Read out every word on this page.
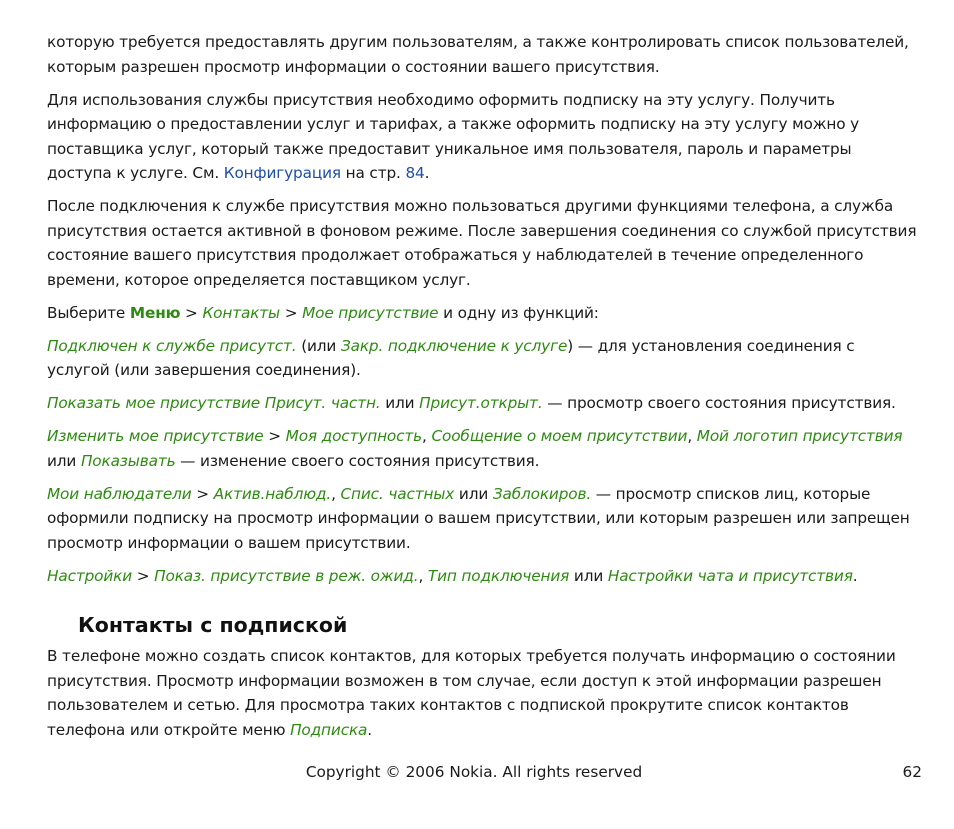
которую требуется предоставлять другим пользователям, а также контролировать список пользователей, которым разрешен просмотр информации о состоянии вашего присутствия.

Для использования службы присутствия необходимо оформить подписку на эту услугу. Получить информацию о предоставлении услуг и тарифах, а также оформить подписку на эту услугу можно у поставщика услуг, который также предоставит уникальное имя пользователя, пароль и параметры доступа к услуге. См. Конфигурация на стр. 84.

После подключения к службе присутствия можно пользоваться другими функциями телефона, а служба присутствия остается активной в фоновом режиме. После завершения соединения со службой присутствия состояние вашего присутствия продолжает отображаться у наблюдателей в течение определенного времени, которое определяется поставщиком услуг.

Выберите Меню > Контакты > Мое присутствие и одну из функций:

Подключен к службе присутст. (или Закр. подключение к услуге) — для установления соединения с услугой (или завершения соединения).

Показать мое присутствие Присут. частн. или Присут.открыт. — просмотр своего состояния присутствия.

Изменить мое присутствие > Моя доступность, Сообщение о моем присутствии, Мой логотип присутствия или Показывать — изменение своего состояния присутствия.

Мои наблюдатели > Актив.наблюд., Спис. частных или Заблокиров. — просмотр списков лиц, которые оформили подписку на просмотр информации о вашем присутствии, или которым разрешен или запрещен просмотр информации о вашем присутствии.

Настройки > Показ. присутствие в реж. ожид., Тип подключения или Настройки чата и присутствия.

Контакты с подпиской

В телефоне можно создать список контактов, для которых требуется получать информацию о состоянии присутствия. Просмотр информации возможен в том случае, если доступ к этой информации разрешен пользователем и сетью. Для просмотра таких контактов с подпиской прокрутите список контактов телефона или откройте меню Подписка.

Copyright © 2006 Nokia. All rights reserved	62
